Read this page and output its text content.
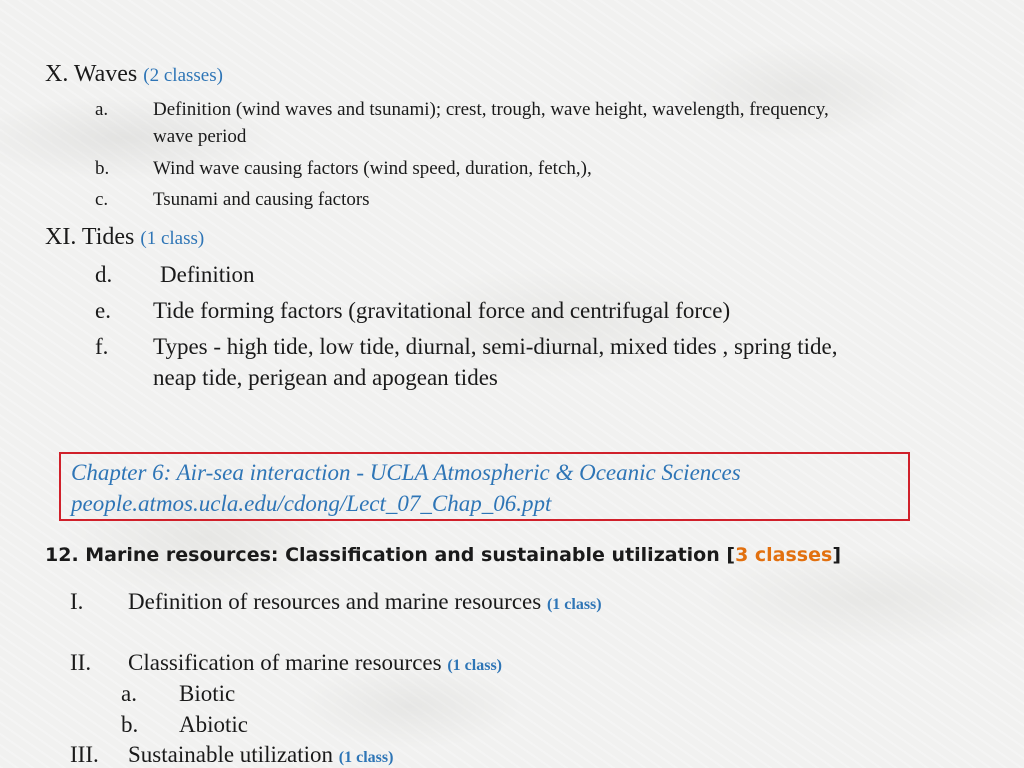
X. Waves (2 classes)
a. Definition (wind waves and tsunami); crest, trough, wave height, wavelength, frequency,
wave period
b. Wind wave causing factors (wind speed, duration, fetch,),
c. Tsunami and causing factors
XI. Tides (1 class)
d. Definition
e. Tide forming factors (gravitational force and centrifugal force)
f. Types - high tide, low tide, diurnal, semi-diurnal, mixed tides , spring tide,
neap tide, perigean and apogean tides
Chapter 6: Air-sea interaction - UCLA Atmospheric & Oceanic Sciences
people.atmos.ucla.edu/cdong/Lect_07_Chap_06.ppt
12. Marine resources: Classification and sustainable utilization [3 classes]
I. Definition of resources and marine resources (1 class)
II. Classification of marine resources (1 class)
a. Biotic
b. Abiotic
III. Sustainable utilization (1 class)
